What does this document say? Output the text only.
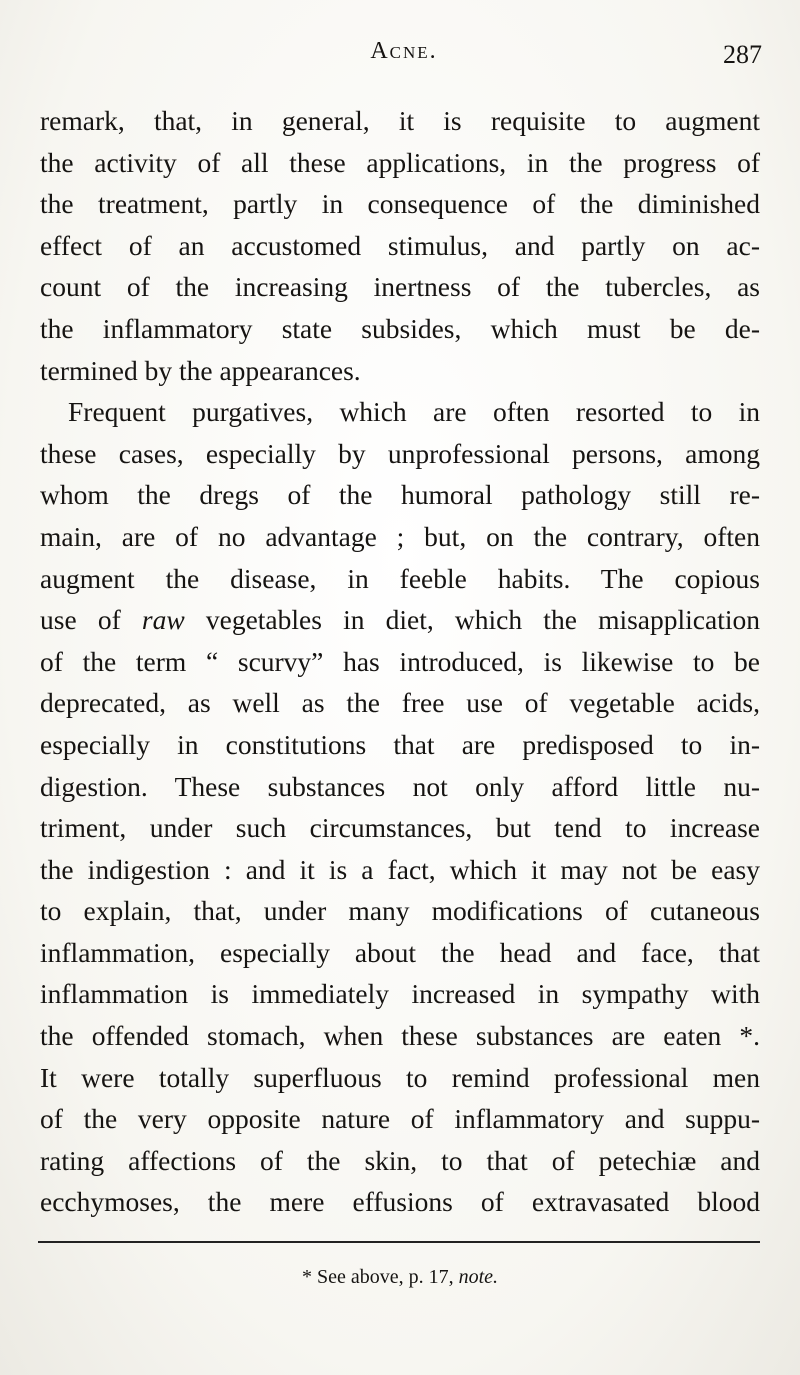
Acne.	287
remark, that, in general, it is requisite to augment
the activity of all these applications, in the progress of
the treatment, partly in consequence of the diminished
effect of an accustomed stimulus, and partly on ac-
count of the increasing inertness of the tubercles, as
the inflammatory state subsides, which must be de-
termined by the appearances.
Frequent purgatives, which are often resorted to in
these cases, especially by unprofessional persons, among
whom the dregs of the humoral pathology still re-
main, are of no advantage ; but, on the contrary, often
augment the disease, in feeble habits. The copious
use of raw vegetables in diet, which the misapplication
of the term “ scurvy” has introduced, is likewise to be
deprecated, as well as the free use of vegetable acids,
especially in constitutions that are predisposed to in-
digestion. These substances not only afford little nu-
triment, under such circumstances, but tend to increase
the indigestion : and it is a fact, which it may not be easy
to explain, that, under many modifications of cutaneous
inflammation, especially about the head and face, that
inflammation is immediately increased in sympathy with
the offended stomach, when these substances are eaten *.
It were totally superfluous to remind professional men
of the very opposite nature of inflammatory and suppu-
rating affections of the skin, to that of petechiæ and
ecchymoses, the mere effusions of extravasated blood
* See above, p. 17, note.
